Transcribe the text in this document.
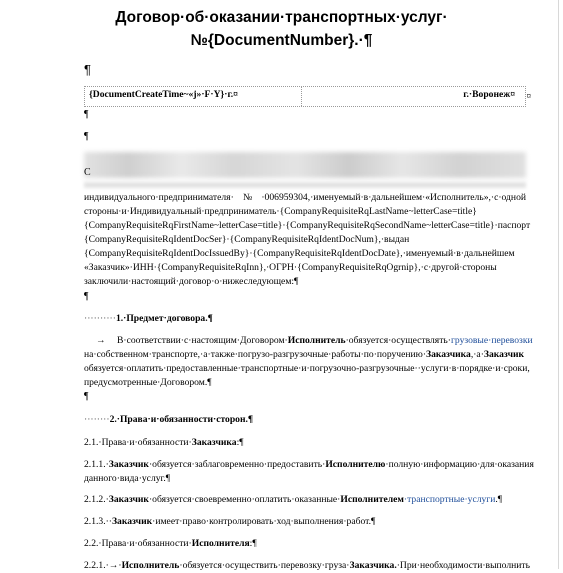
Договор·об·оказании·транспортных·услуг·
№{DocumentNumber}.·¶
¶
{DocumentCreateTime~«j»·F·Y}·г.¤	г.·Воронеж¤ ¤
¶
¶
С
индивидуального·предпринимателя·№·006959304,·именуемый·в·дальнейшем·«Исполнитель»,·с·одной
стороны·и·Индивидуальный·предприниматель·{CompanyRequisiteRqLastName~letterCase=title}
{CompanyRequisiteRqFirstName~letterCase=title}·{CompanyRequisiteRqSecondName~letterCase=title}·паспорт
{CompanyRequisiteRqIdentDocSer}·{CompanyRequisiteRqIdentDocNum},·выдан
{CompanyRequisiteRqIdentDocIssuedBy}·{CompanyRequisiteRqIdentDocDate},·именуемый·в·дальнейшем
«Заказчик»·ИНН·{CompanyRequisiteRqInn},·ОГРН·{CompanyRequisiteRqOgrnip},·с·другой·стороны
заключили·настоящий·договор·о·нижеследующем:¶
¶
··········1.·Предмет·договора.¶
→ В·соответствии·с·настоящим·Договором·Исполнитель·обязуется·осуществлять·грузовые·перевозки
на·собственном·транспорте,·а·также·погрузо-разгрузочные·работы·по·поручению·Заказчика,·а·Заказчик
обязуется·оплатить·предоставленные·транспортные·и·погрузочно-разгрузочные··услуги·в·порядке·и·сроки,
предусмотренные·Договором.¶
¶
········2.·Права·и·обязанности·сторон.¶
2.1.·Права·и·обязанности·Заказчика:¶
2.1.1.·Заказчик·обязуется·заблаговременно·предоставить·Исполнителю·полную·информацию·для·оказания
данного·вида·услуг.¶
2.1.2.·Заказчик·обязуется·своевременно·оплатить·оказанные·Исполнителем·транспортные·услуги.¶
2.1.3.··Заказчик·имеет·право·контролировать·ход·выполнения·работ.¶
2.2.·Права·и·обязанности·Исполнителя:¶
2.2.1.·→·Исполнитель·обязуется·осуществить·перевозку·груза·Заказчика.·При·необходимости·выполнить
